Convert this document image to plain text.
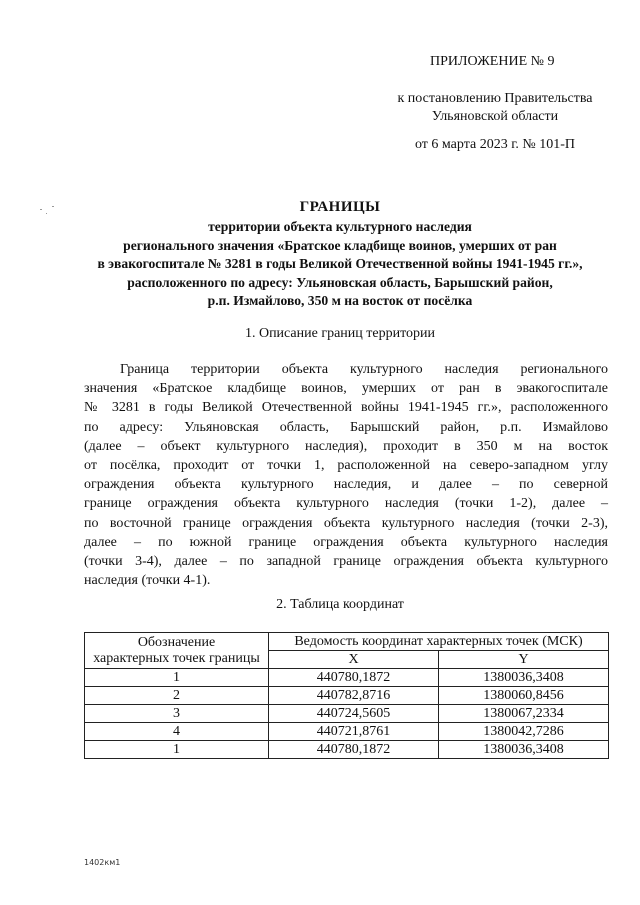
ПРИЛОЖЕНИЕ № 9
к постановлению Правительства
Ульяновской области
от 6 марта 2023 г. № 101-П
ГРАНИЦЫ
территории объекта культурного наследия
регионального значения «Братское кладбище воинов, умерших от ран
в эвакогоспитале № 3281 в годы Великой Отечественной войны 1941-1945 гг.»,
расположенного по адресу: Ульяновская область, Барышский район,
р.п. Измайлово, 350 м на восток от посёлка
1. Описание границ территории
Граница территории объекта культурного наследия регионального
значения «Братское кладбище воинов, умерших от ран в эвакогоспитале
№ 3281 в годы Великой Отечественной войны 1941-1945 гг.», расположенного
по адресу: Ульяновская область, Барышский район, р.п. Измайлово
(далее – объект культурного наследия), проходит в 350 м на восток
от посёлка, проходит от точки 1, расположенной на северо-западном углу
ограждения объекта культурного наследия, и далее – по северной
границе ограждения объекта культурного наследия (точки 1-2), далее –
по восточной границе ограждения объекта культурного наследия (точки 2-3),
далее – по южной границе ограждения объекта культурного наследия
(точки 3-4), далее – по западной границе ограждения объекта культурного
наследия (точки 4-1).
2. Таблица координат
Обозначение
характерных точек границы	Ведомость координат характерных точек (МСК)	
	X	Y
1	440780,1872	1380036,3408
2	440782,8716	1380060,8456
3	440724,5605	1380067,2334
4	440721,8761	1380042,7286
1	440780,1872	1380036,3408
1402км1
